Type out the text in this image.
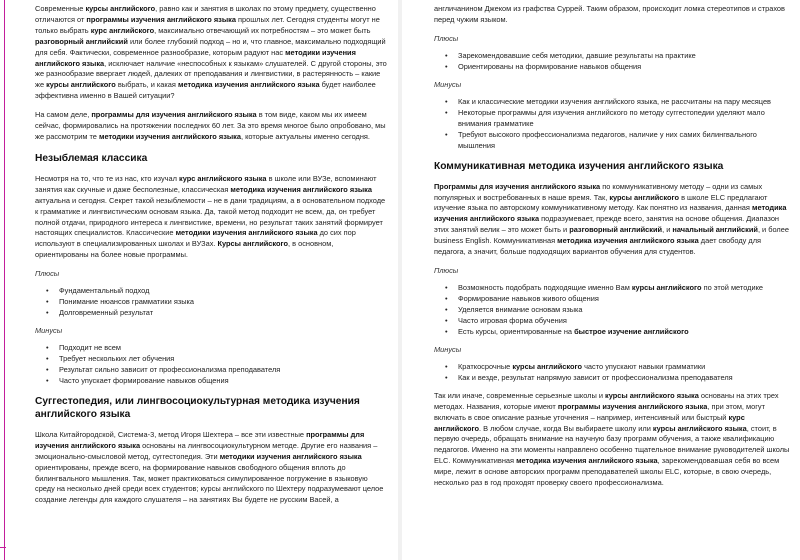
Современные курсы английского, равно как и занятия в школах по этому предмету, существенно отличаются от программы изучения английского языка прошлых лет. Сегодня студенты могут не только выбрать курс английского, максимально отвечающий их потребностям – это может быть разговорный английский или более глубокий подход – но и, что главное, максимально подходящий для себя. Фактически, современное разнообразие, которым радуют нас методики изучения английского языка, исключает наличие «неспособных к языкам» слушателей. С другой стороны, это же разнообразие ввергает людей, далеких от преподавания и лингвистики, в растерянность – какие же курсы английского выбрать, и какая методика изучения английского языка будет наиболее эффективна именно в Вашей ситуации?

На самом деле, программы для изучения английского языка в том виде, каком мы их имеем сейчас, формировались на протяжении последних 60 лет. За это время многое было опробовано, мы же рассмотрим те методики изучения английского языка, которые актуальны именно сегодня.

Незыблемая классика

Несмотря на то, что те из нас, кто изучал курс английского языка в школе или ВУЗе, вспоминают занятия как скучные и даже бесполезные, классическая методика изучения английского языка актуальна и сегодня. Секрет такой незыблемости – не в дани традициям, а в основательном подходе к грамматике и лингвистическим основам языка. Да, такой метод подходит не всем, да, он требует полной отдачи, природного интереса к лингвистике, времени, но результат таких занятий формирует настоящих специалистов. Классические методики изучения английского языка до сих пор используют в специализированных школах и ВУЗах. Курсы английского, в основном, ориентированы на более новые программы.

Плюсы
• Фундаментальный подход
• Понимание нюансов грамматики языка
• Долговременный результат
Минусы
• Подходит не всем
• Требует нескольких лет обучения
• Результат сильно зависит от профессионализма преподавателя
• Часто упускает формирование навыков общения
Суггестопедия, или лингвосоциокультурная методика изучения английского языка

Школа Китайгородской, Система-3, метод Игоря Шехтера – все эти известные программы для изучения английского языка основаны на лингвосоциокультурном методе. Другие его названия – эмоционально-смысловой метод, суггестопедия. Эти методики изучения английского языка ориентированы, прежде всего, на формирование навыков свободного общения вплоть до билингвального мышления. Так, может практиковаться симулированное погружение в языковую среду на несколько дней среди всех студентов; курсы английского по Шехтеру подразумевают целое создание легенды для каждого слушателя – на занятиях Вы будете не русским Васей, а

англичанином Джеком из графства Суррей. Таким образом, происходит ломка стереотипов и страхов перед чужим языком.

Плюсы
• Зарекомендовавшие себя методики, давшие результаты на практике
• Ориентированы на формирование навыков общения
Минусы
• Как и классические методики изучения английского языка, не рассчитаны на пару месяцев
• Некоторые программы для изучения английского по методу суггестопедии уделяют мало внимания грамматике
• Требуют высокого профессионализма педагогов, наличие у них самих билингвального мышления
Коммуникативная методика изучения английского языка

Программы для изучения английского языка по коммуникативному методу – одни из самых популярных и востребованных в наше время. Так, курсы английского в школе ELC предлагают изучение языка по авторскому коммуникативному методу. Как понятно из названия, данная методика изучения английского языка подразумевает, прежде всего, занятия на основе общения. Диапазон этих занятий велик – это может быть и разговорный английский, и начальный английский, и более business English. Коммуникативная методика изучения английского языка дает свободу для педагога, а значит, больше подходящих вариантов обучения для студентов.

Плюсы
• Возможность подобрать подходящие именно Вам курсы английского по этой методике
• Формирование навыков живого общения
• Уделяется внимание основам языка
• Часто игровая форма обучения
• Есть курсы, ориентированные на быстрое изучение английского
Минусы
• Краткосрочные курсы английского часто упускают навыки грамматики
• Как и везде, результат напрямую зависит от профессионализма преподавателя

Так или иначе, современные серьезные школы и курсы английского языка основаны на этих трех методах. Названия, которые имеют программы изучения английского языка, при этом, могут включать в свое описание разные уточнения – например, интенсивный или быстрый курс английского. В любом случае, когда Вы выбираете школу или курсы английского языка, стоит, в первую очередь, обращать внимание на научную базу программ обучения, а также квалификацию педагогов. Именно на эти моменты направлено особенно тщательное внимание руководителей школы ELC. Коммуникативная методика изучения английского языка, зарекомендовавшая себя во всем мире, лежит в основе авторских программ преподавателей школы ELC, которые, в свою очередь, несколько раз в год проходят проверку своего профессионализма.
